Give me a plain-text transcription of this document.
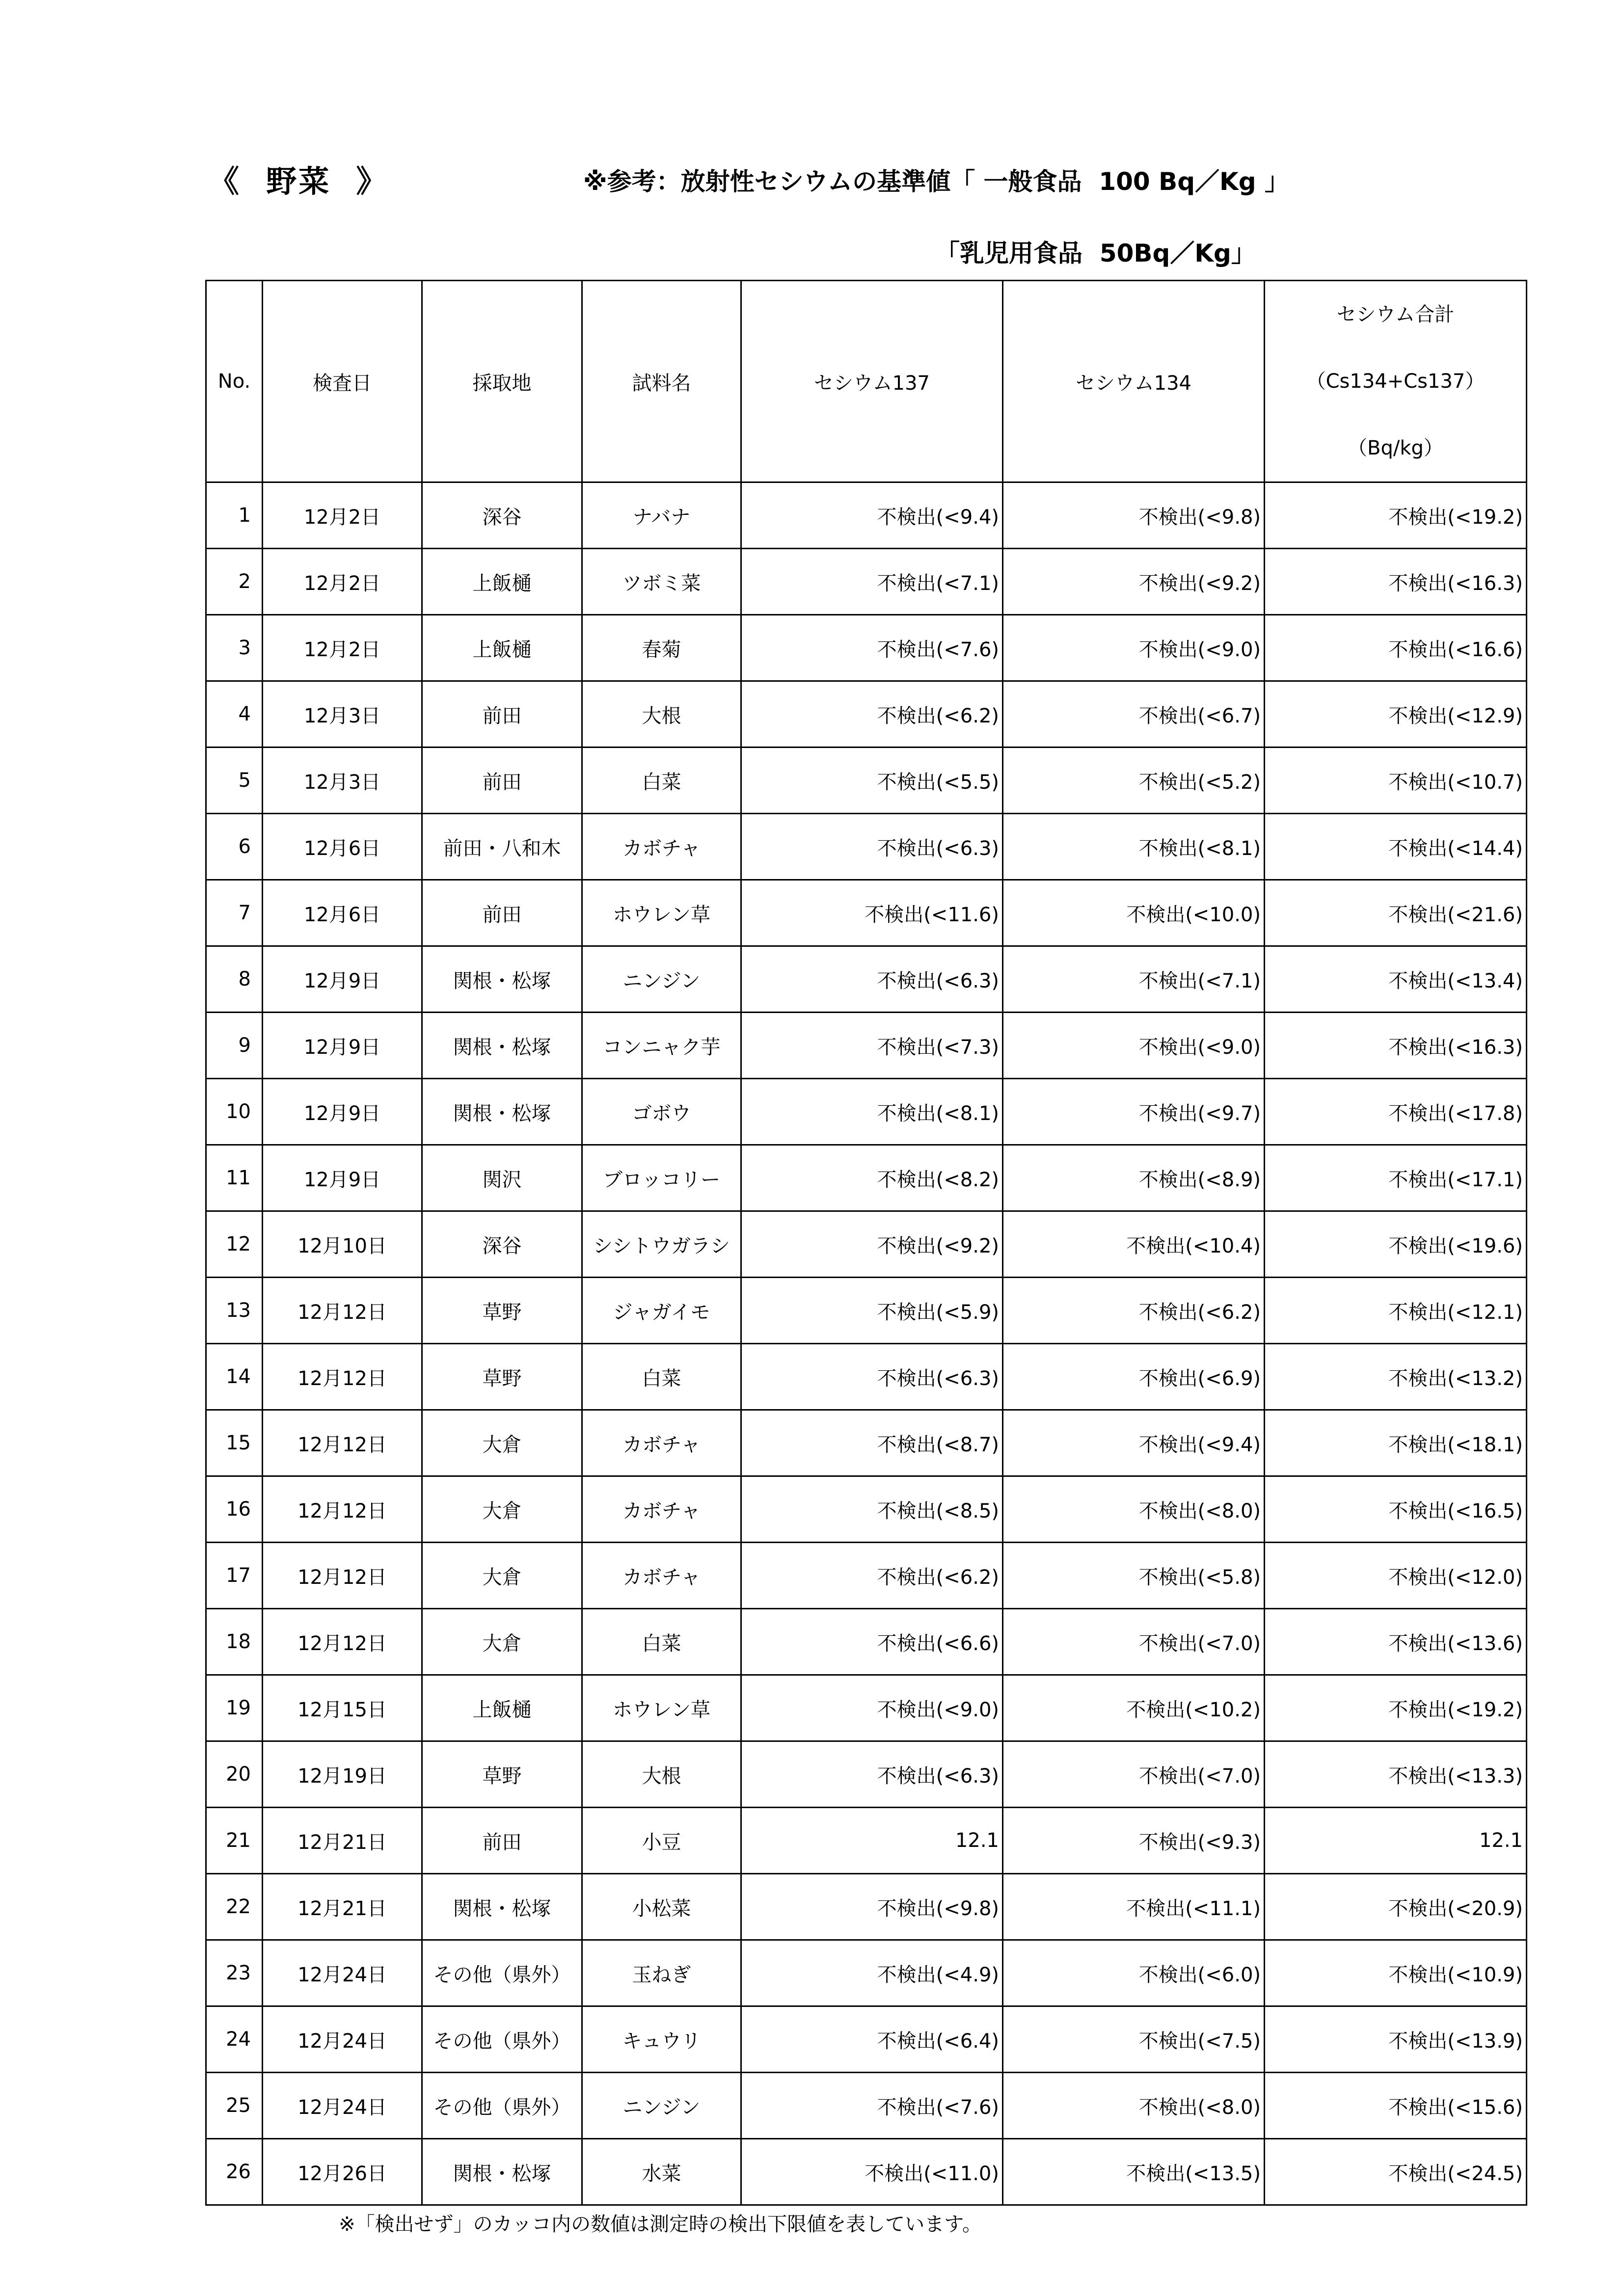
《  野菜  》	※参考：放射性セシウムの基準値「 一般食品  100 Bq／Kg 」
「乳児用食品  50Bq／Kg」
No.	検査日	採取地	試料名	セシウム137	セシウム134	セシウム合計
（Cs134+Cs137）
（Bq/kg）

1	12月2日	深谷	ナバナ	不検出(<9.4)	不検出(<9.8)	不検出(<19.2)
2	12月2日	上飯樋	ツボミ菜	不検出(<7.1)	不検出(<9.2)	不検出(<16.3)
3	12月2日	上飯樋	春菊	不検出(<7.6)	不検出(<9.0)	不検出(<16.6)
4	12月3日	前田	大根	不検出(<6.2)	不検出(<6.7)	不検出(<12.9)
5	12月3日	前田	白菜	不検出(<5.5)	不検出(<5.2)	不検出(<10.7)
6	12月6日	前田・八和木	カボチャ	不検出(<6.3)	不検出(<8.1)	不検出(<14.4)
7	12月6日	前田	ホウレン草	不検出(<11.6)	不検出(<10.0)	不検出(<21.6)
8	12月9日	関根・松塚	ニンジン	不検出(<6.3)	不検出(<7.1)	不検出(<13.4)
9	12月9日	関根・松塚	コンニャク芋	不検出(<7.3)	不検出(<9.0)	不検出(<16.3)
10	12月9日	関根・松塚	ゴボウ	不検出(<8.1)	不検出(<9.7)	不検出(<17.8)
11	12月9日	関沢	ブロッコリー	不検出(<8.2)	不検出(<8.9)	不検出(<17.1)
12	12月10日	深谷	シシトウガラシ	不検出(<9.2)	不検出(<10.4)	不検出(<19.6)
13	12月12日	草野	ジャガイモ	不検出(<5.9)	不検出(<6.2)	不検出(<12.1)
14	12月12日	草野	白菜	不検出(<6.3)	不検出(<6.9)	不検出(<13.2)
15	12月12日	大倉	カボチャ	不検出(<8.7)	不検出(<9.4)	不検出(<18.1)
16	12月12日	大倉	カボチャ	不検出(<8.5)	不検出(<8.0)	不検出(<16.5)
17	12月12日	大倉	カボチャ	不検出(<6.2)	不検出(<5.8)	不検出(<12.0)
18	12月12日	大倉	白菜	不検出(<6.6)	不検出(<7.0)	不検出(<13.6)
19	12月15日	上飯樋	ホウレン草	不検出(<9.0)	不検出(<10.2)	不検出(<19.2)
20	12月19日	草野	大根	不検出(<6.3)	不検出(<7.0)	不検出(<13.3)
21	12月21日	前田	小豆	12.1	不検出(<9.3)	12.1
22	12月21日	関根・松塚	小松菜	不検出(<9.8)	不検出(<11.1)	不検出(<20.9)
23	12月24日	その他（県外）	玉ねぎ	不検出(<4.9)	不検出(<6.0)	不検出(<10.9)
24	12月24日	その他（県外）	キュウリ	不検出(<6.4)	不検出(<7.5)	不検出(<13.9)
25	12月24日	その他（県外）	ニンジン	不検出(<7.6)	不検出(<8.0)	不検出(<15.6)
26	12月26日	関根・松塚	水菜	不検出(<11.0)	不検出(<13.5)	不検出(<24.5)
※「検出せず」のカッコ内の数値は測定時の検出下限値を表しています。
